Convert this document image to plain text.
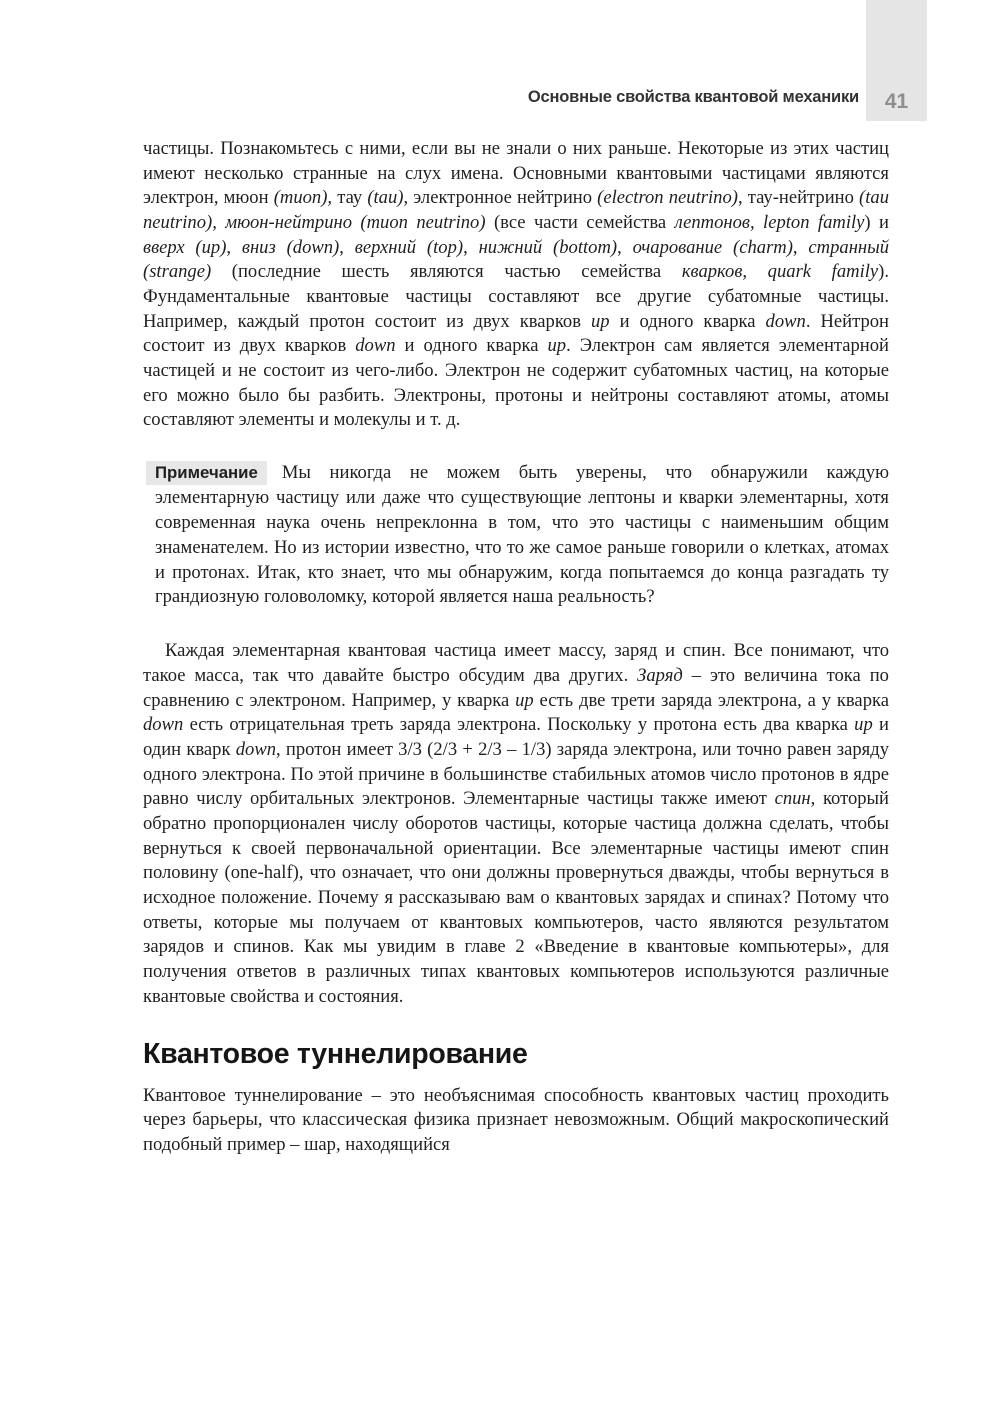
Основные свойства квантовой механики 41

частицы. Познакомьтесь с ними, если вы не знали о них раньше. Некоторые из этих частиц имеют несколько странные на слух имена. Основными квантовыми частицами являются электрон, мюон (muon), тау (tau), электронное нейтрино (electron neutrino), тау-нейтрино (tau neutrino), мюон-нейтрино (muon neutrino) (все части семейства лептонов, lepton family) и вверх (up), вниз (down), верхний (top), нижний (bottom), очарование (charm), странный (strange) (последние шесть являются частью семейства кварков, quark family). Фундаментальные квантовые частицы составляют все другие субатомные частицы. Например, каждый протон состоит из двух кварков up и одного кварка down. Нейтрон состоит из двух кварков down и одного кварка up. Электрон сам является элементарной частицей и не состоит из чего-либо. Электрон не содержит субатомных частиц, на которые его можно было бы разбить. Электроны, протоны и нейтроны составляют атомы, атомы составляют элементы и молекулы и т. д.

Примечание Мы никогда не можем быть уверены, что обнаружили каждую элементарную частицу или даже что существующие лептоны и кварки элементарны, хотя современная наука очень непреклонна в том, что это частицы с наименьшим общим знаменателем. Но из истории известно, что то же самое раньше говорили о клетках, атомах и протонах. Итак, кто знает, что мы обнаружим, когда попытаемся до конца разгадать ту грандиозную головоломку, которой является наша реальность?

Каждая элементарная квантовая частица имеет массу, заряд и спин. Все понимают, что такое масса, так что давайте быстро обсудим два других. Заряд – это величина тока по сравнению с электроном. Например, у кварка up есть две трети заряда электрона, а у кварка down есть отрицательная треть заряда электрона. Поскольку у протона есть два кварка up и один кварк down, протон имеет 3/3 (2/3 + 2/3 – 1/3) заряда электрона, или точно равен заряду одного электрона. По этой причине в большинстве стабильных атомов число протонов в ядре равно числу орбитальных электронов. Элементарные частицы также имеют спин, который обратно пропорционален числу оборотов частицы, которые частица должна сделать, чтобы вернуться к своей первоначальной ориентации. Все элементарные частицы имеют спин половину (one-half), что означает, что они должны провернуться дважды, чтобы вернуться в исходное положение. Почему я рассказываю вам о квантовых зарядах и спинах? Потому что ответы, которые мы получаем от квантовых компьютеров, часто являются результатом зарядов и спинов. Как мы увидим в главе 2 «Введение в квантовые компьютеры», для получения ответов в различных типах квантовых компьютеров используются различные квантовые свойства и состояния.

Квантовое туннелирование

Квантовое туннелирование – это необъяснимая способность квантовых частиц проходить через барьеры, что классическая физика признает невозможным. Общий макроскопический подобный пример – шар, находящийся
